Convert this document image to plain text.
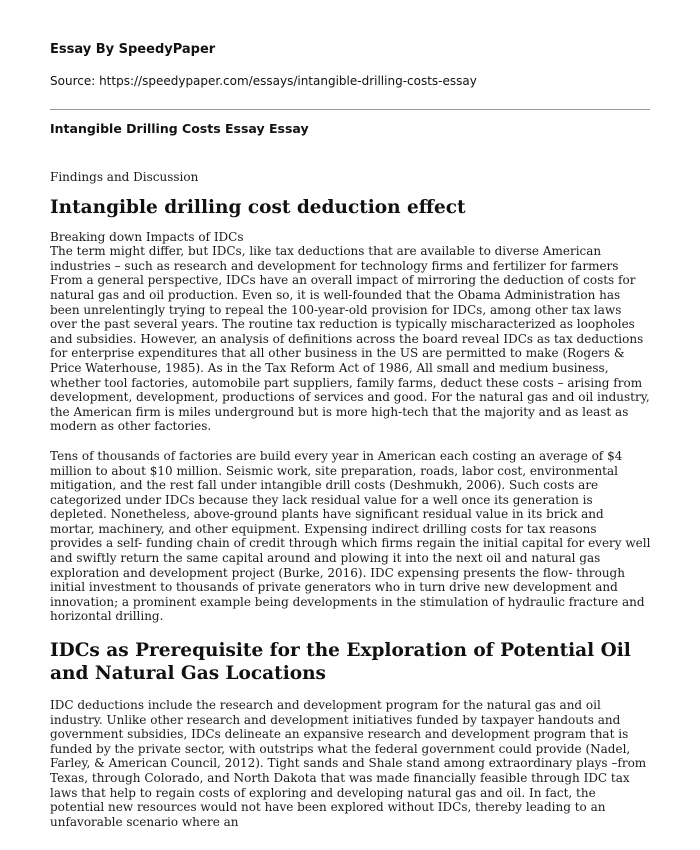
Essay By SpeedyPaper

Source: https://speedypaper.com/essays/intangible-drilling-costs-essay

Intangible Drilling Costs Essay Essay

Findings and Discussion

Intangible drilling cost deduction effect

Breaking down Impacts of IDCs

The term might differ, but IDCs, like tax deductions that are available to diverse American industries – such as research and development for technology firms and fertilizer for farmers From a general perspective, IDCs have an overall impact of mirroring the deduction of costs for natural gas and oil production. Even so, it is well-founded that the Obama Administration has been unrelentingly trying to repeal the 100-year-old provision for IDCs, among other tax laws over the past several years. The routine tax reduction is typically mischaracterized as loopholes and subsidies. However, an analysis of definitions across the board reveal IDCs as tax deductions for enterprise expenditures that all other business in the US are permitted to make (Rogers & Price Waterhouse, 1985). As in the Tax Reform Act of 1986, All small and medium business, whether tool factories, automobile part suppliers, family farms, deduct these costs – arising from development, development, productions of services and good. For the natural gas and oil industry, the American firm is miles underground but is more high-tech that the majority and as least as modern as other factories.

Tens of thousands of factories are build every year in American each costing an average of $4 million to about $10 million. Seismic work, site preparation, roads, labor cost, environmental mitigation, and the rest fall under intangible drill costs (Deshmukh, 2006). Such costs are categorized under IDCs because they lack residual value for a well once its generation is depleted. Nonetheless, above-ground plants have significant residual value in its brick and mortar, machinery, and other equipment. Expensing indirect drilling costs for tax reasons provides a self- funding chain of credit through which firms regain the initial capital for every well and swiftly return the same capital around and plowing it into the next oil and natural gas exploration and development project (Burke, 2016). IDC expensing presents the flow- through initial investment to thousands of private generators who in turn drive new development and innovation; a prominent example being developments in the stimulation of hydraulic fracture and horizontal drilling.

IDCs as Prerequisite for the Exploration of Potential Oil and Natural Gas Locations

IDC deductions include the research and development program for the natural gas and oil industry. Unlike other research and development initiatives funded by taxpayer handouts and government subsidies, IDCs delineate an expansive research and development program that is funded by the private sector, with outstrips what the federal government could provide (Nadel, Farley, & American Council, 2012). Tight sands and Shale stand among extraordinary plays –from Texas, through Colorado, and North Dakota that was made financially feasible through IDC tax laws that help to regain costs of exploring and developing natural gas and oil. In fact, the potential new resources would not have been explored without IDCs, thereby leading to an unfavorable scenario where an
